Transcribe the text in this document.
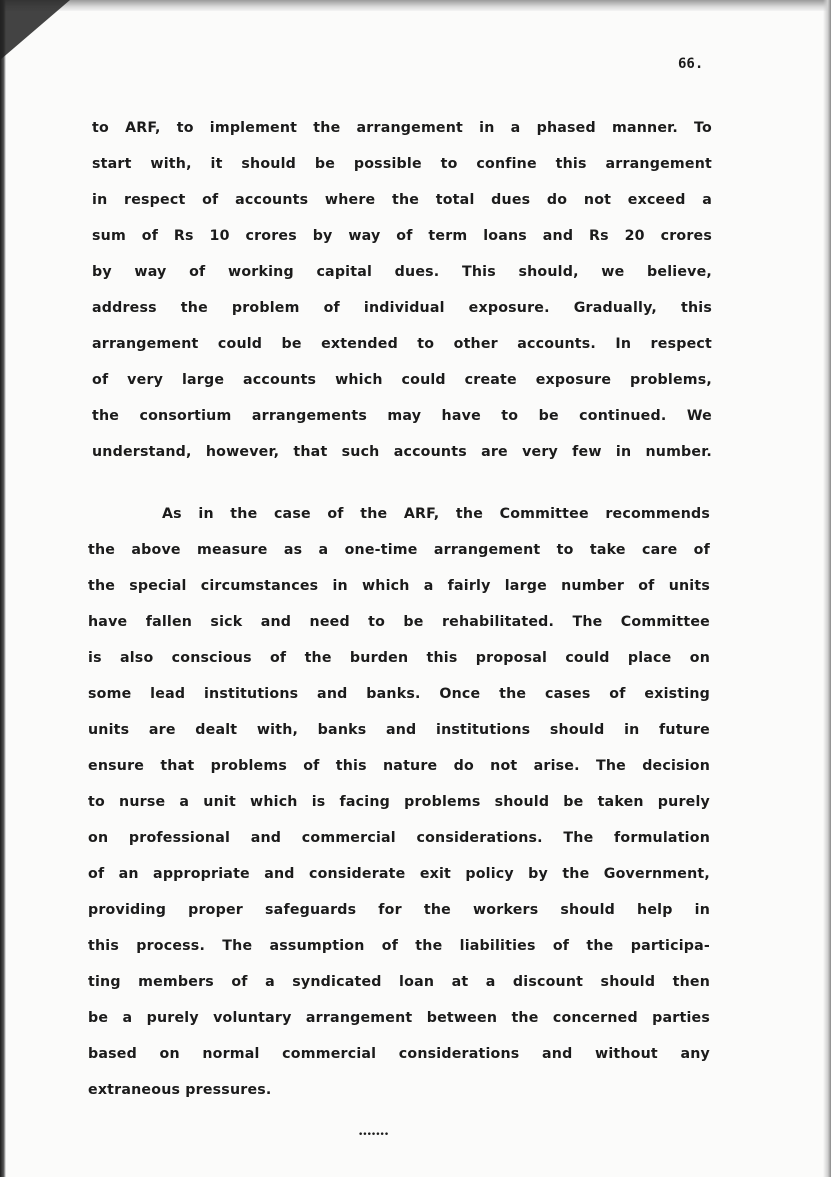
66.
to ARF, to implement the arrangement in a phased manner. To
start with, it should be possible to confine this arrangement
in respect of accounts where the total dues do not exceed a
sum of Rs 10 crores by way of term loans and Rs 20 crores
by way of working capital dues. This should, we believe,
address the problem of individual exposure. Gradually, this
arrangement could be extended to other accounts. In respect
of very large accounts which could create exposure problems,
the consortium arrangements may have to be continued. We
understand, however, that such accounts are very few in number.
As in the case of the ARF, the Committee recommends
the above measure as a one-time arrangement to take care of
the special circumstances in which a fairly large number of units
have fallen sick and need to be rehabilitated. The Committee
is also conscious of the burden this proposal could place on
some lead institutions and banks. Once the cases of existing
units are dealt with, banks and institutions should in future
ensure that problems of this nature do not arise. The decision
to nurse a unit which is facing problems should be taken purely
on professional and commercial considerations. The formulation
of an appropriate and considerate exit policy by the Government,
providing proper safeguards for the workers should help in
this process. The assumption of the liabilities of the participa-
ting members of a syndicated loan at a discount should then
be a purely voluntary arrangement between the concerned parties
based on normal commercial considerations and without any
extraneous pressures.
•••••••
